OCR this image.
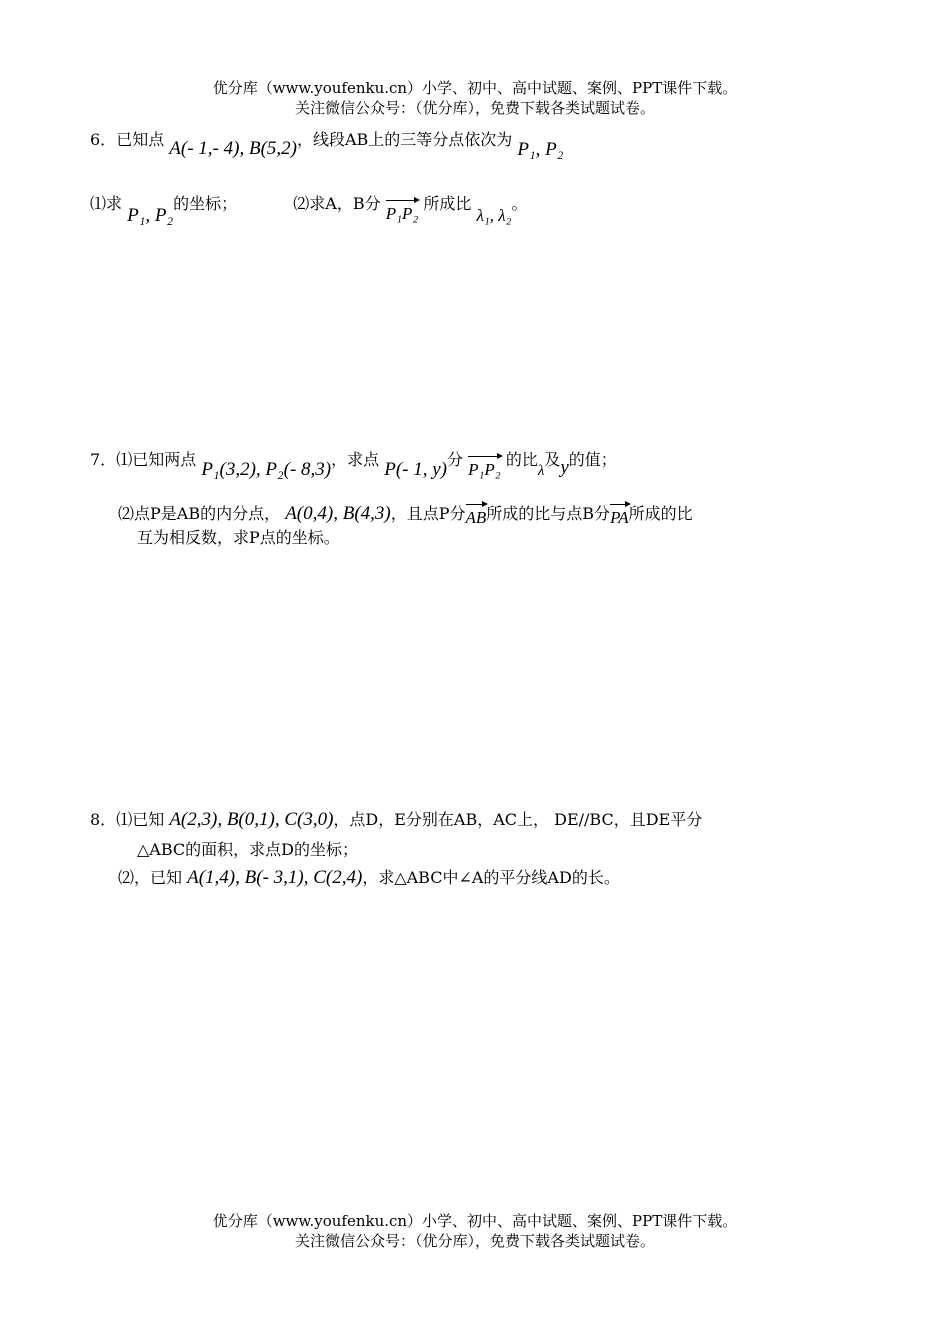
优分库（www.youfenku.cn）小学、初中、高中试题、案例、PPT课件下载。
关注微信公众号：（优分库），免费下载各类试题试卷。
6．已知点 A(- 1,- 4), B(5,2)，线段AB上的三等分点依次为 P₁, P₂
⑴求 P₁, P₂的坐标；	⑵求A，B分 P₁P₂ 所成比 λ₁, λ₂。
7．⑴已知两点 P₁(3,2), P₂(- 8,3)，求点 P(- 1, y)分 P₁P₂ 的比λ及y的值；
⑵点P是AB的内分点， A(0,4), B(4,3)，且点P分AB所成的比与点B分PA所成的比
互为相反数，求P点的坐标。
8．⑴已知 A(2,3), B(0,1), C(3,0)，点D，E分别在AB，AC上， DE//BC，且DE平分
△ABC的面积，求点D的坐标；
⑵，已知 A(1,4), B(- 3,1), C(2,4)，求△ABC中∠A的平分线AD的长。
优分库（www.youfenku.cn）小学、初中、高中试题、案例、PPT课件下载。
关注微信公众号：（优分库），免费下载各类试题试卷。
